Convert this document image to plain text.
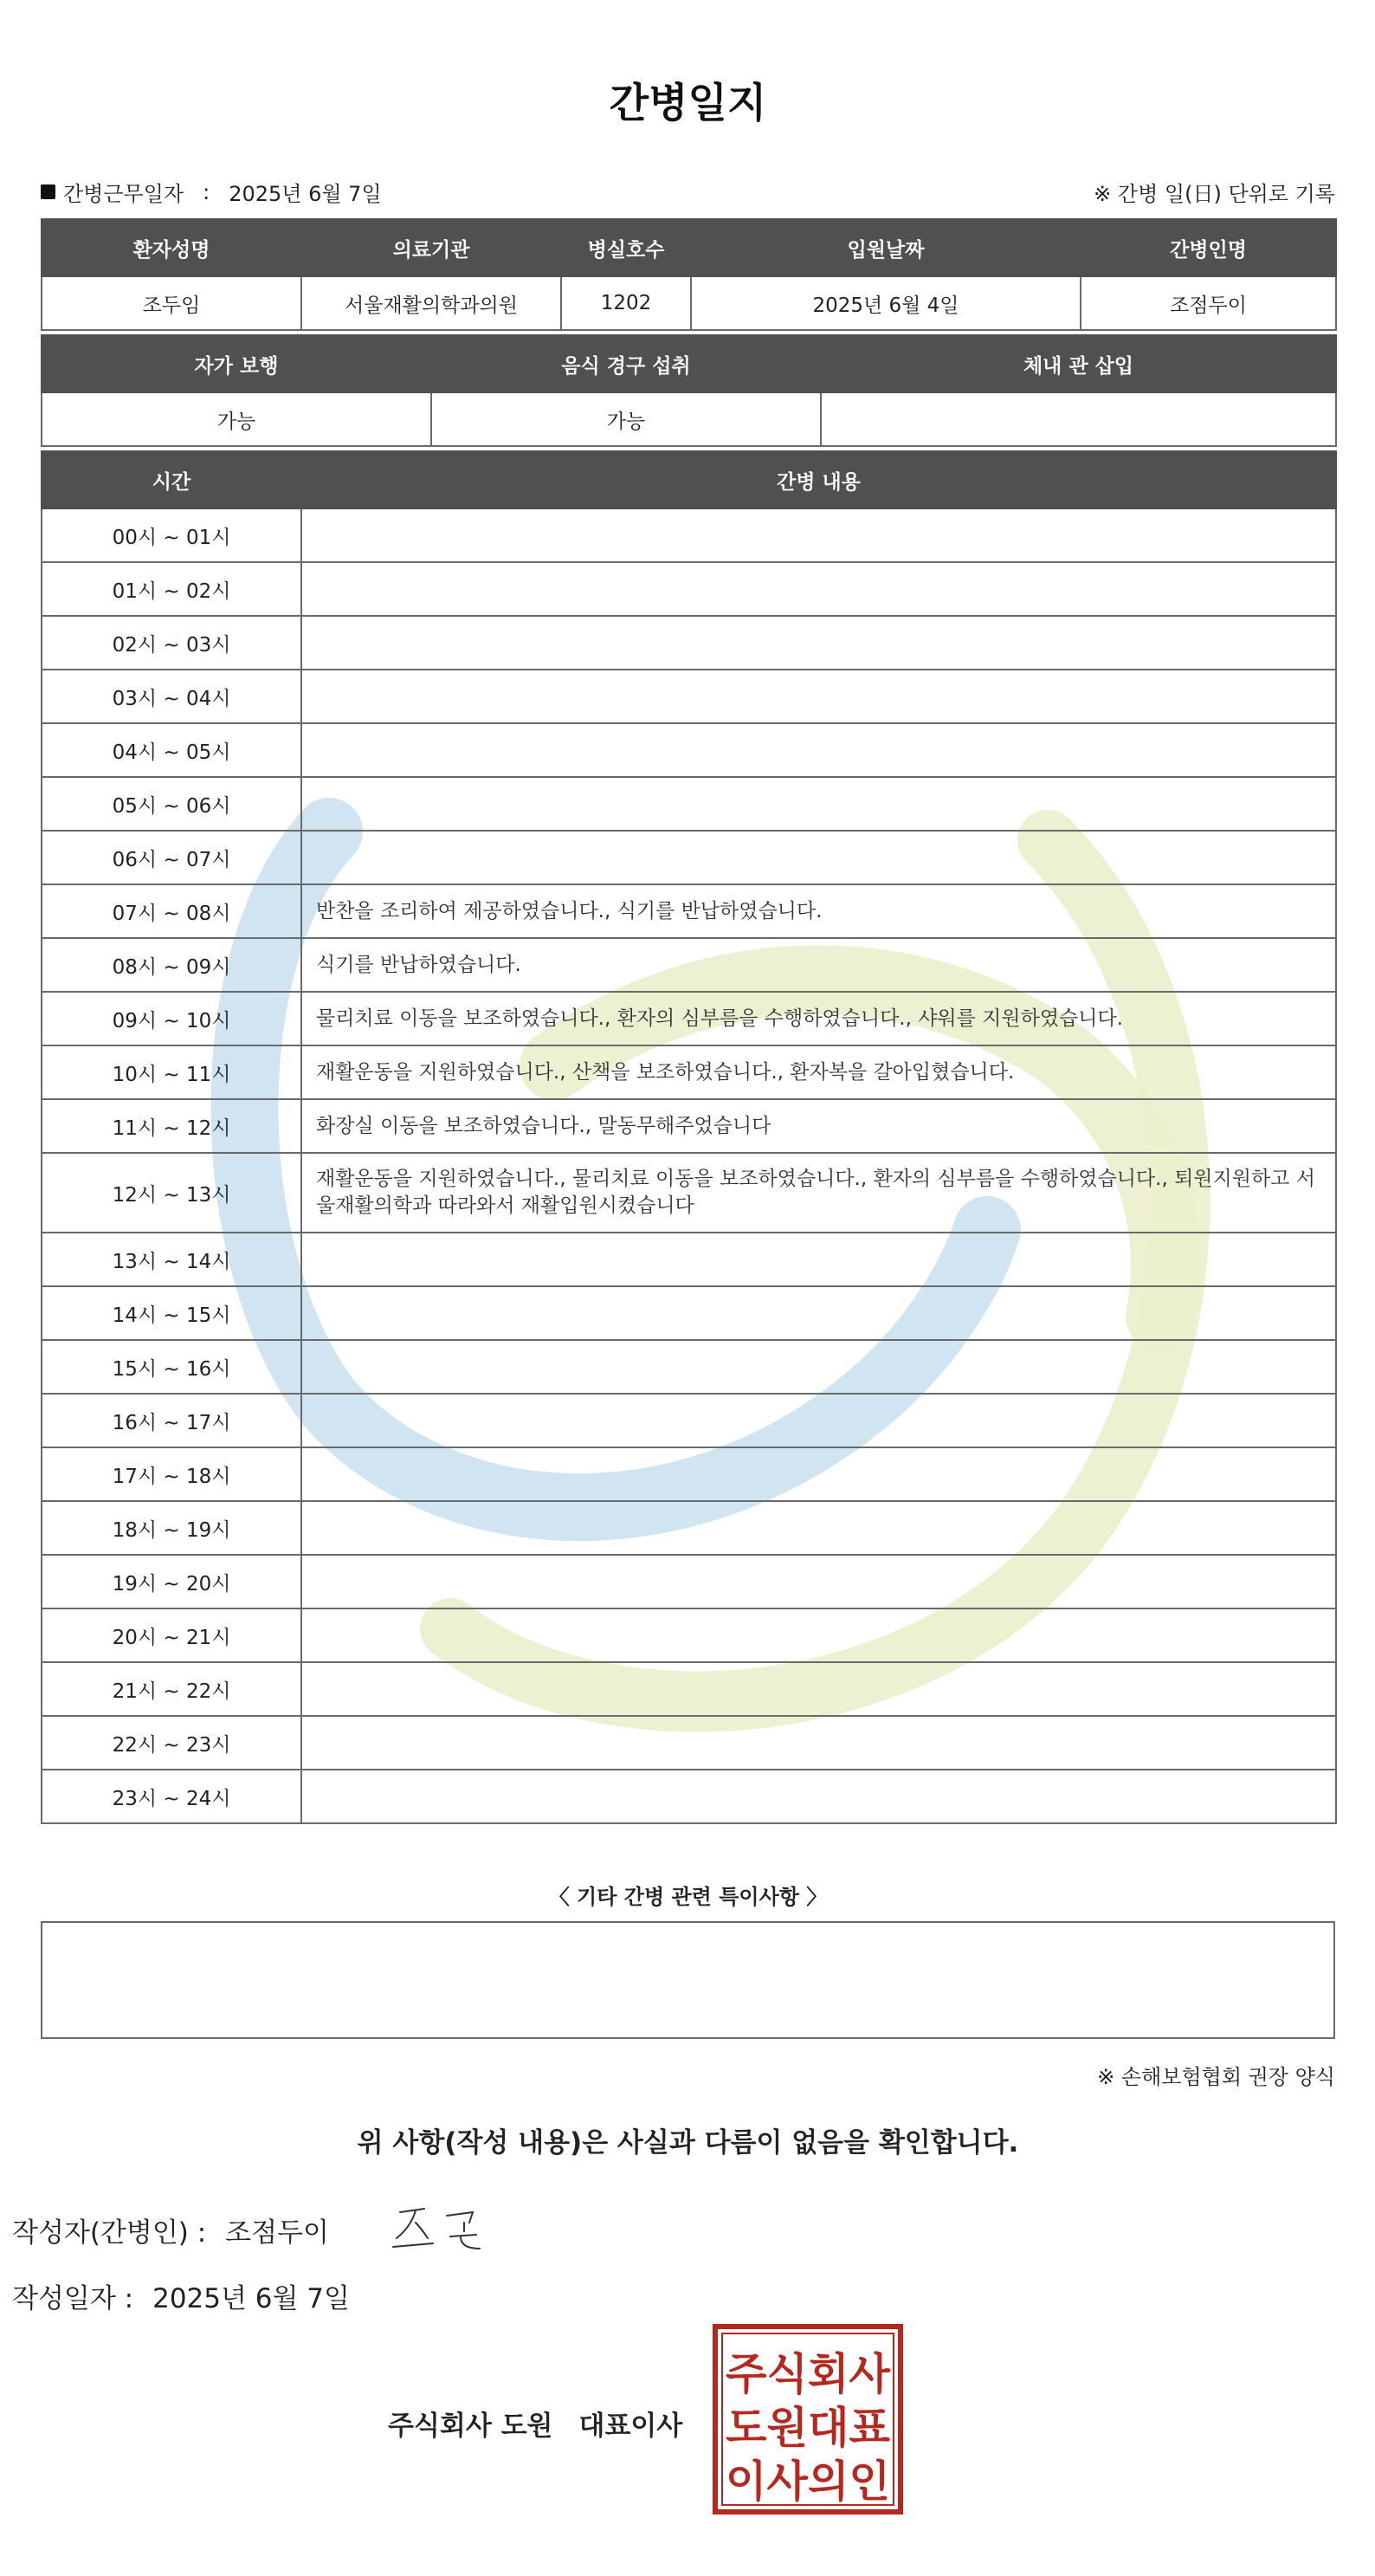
간병일지
간병근무일자 : 2025년 6월 7일	※ 간병 일(日) 단위로 기록
환자성명	의료기관	병실호수	입원날짜	간병인명
조두임	서울재활의학과의원	1202	2025년 6월 4일	조점두이
자가 보행	음식 경구 섭취	체내 관 삽입
가능	가능	
시간	간병 내용
00시 ~ 01시	
01시 ~ 02시	
02시 ~ 03시	
03시 ~ 04시	
04시 ~ 05시	
05시 ~ 06시	
06시 ~ 07시	
07시 ~ 08시	반찬을 조리하여 제공하였습니다., 식기를 반납하였습니다.
08시 ~ 09시	식기를 반납하였습니다.
09시 ~ 10시	물리치료 이동을 보조하였습니다., 환자의 심부름을 수행하였습니다., 샤워를 지원하였습니다.
10시 ~ 11시	재활운동을 지원하였습니다., 산책을 보조하였습니다., 환자복을 갈아입혔습니다.
11시 ~ 12시	화장실 이동을 보조하였습니다., 말동무해주었습니다
12시 ~ 13시	재활운동을 지원하였습니다., 물리치료 이동을 보조하였습니다., 환자의 심부름을 수행하였습니다., 퇴원지원하고 서울재활의학과 따라와서 재활입원시켰습니다
13시 ~ 14시	
14시 ~ 15시	
15시 ~ 16시	
16시 ~ 17시	
17시 ~ 18시	
18시 ~ 19시	
19시 ~ 20시	
20시 ~ 21시	
21시 ~ 22시	
22시 ~ 23시	
23시 ~ 24시	
〈 기타 간병 관련 특이사항 〉
※ 손해보험협회 권장 양식
위 사항(작성 내용)은 사실과 다름이 없음을 확인합니다.
작성자(간병인) : 조점두이
작성일자 : 2025년 6월 7일
주식회사 도원 대표이사
주식회사
도원대표
이사의인
